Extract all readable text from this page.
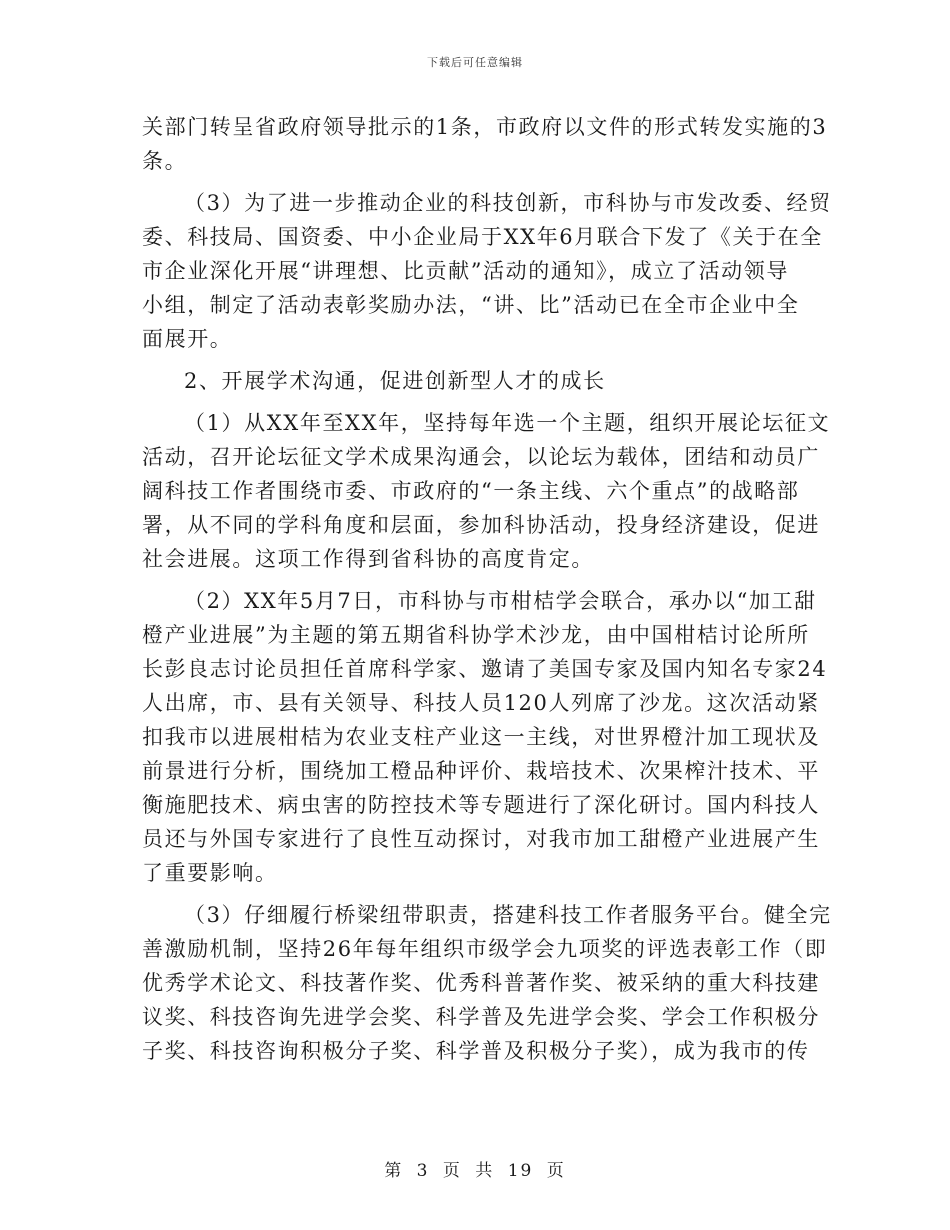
下载后可任意编辑
关部门转呈省政府领导批示的1条，市政府以文件的形式转发实施的3
条。
（3）为了进一步推动企业的科技创新，市科协与市发改委、经贸
委、科技局、国资委、中小企业局于XX年6月联合下发了《关于在全
市企业深化开展“讲理想、比贡献”活动的通知》，成立了活动领导
小组，制定了活动表彰奖励办法，“讲、比”活动已在全市企业中全
面展开。
2、开展学术沟通，促进创新型人才的成长
（1）从XX年至XX年，坚持每年选一个主题，组织开展论坛征文
活动，召开论坛征文学术成果沟通会，以论坛为载体，团结和动员广
阔科技工作者围绕市委、市政府的“一条主线、六个重点”的战略部
署，从不同的学科角度和层面，参加科协活动，投身经济建设，促进
社会进展。这项工作得到省科协的高度肯定。
（2）XX年5月7日，市科协与市柑桔学会联合，承办以“加工甜
橙产业进展”为主题的第五期省科协学术沙龙，由中国柑桔讨论所所
长彭良志讨论员担任首席科学家、邀请了美国专家及国内知名专家24
人出席，市、县有关领导、科技人员120人列席了沙龙。这次活动紧
扣我市以进展柑桔为农业支柱产业这一主线，对世界橙汁加工现状及
前景进行分析，围绕加工橙品种评价、栽培技术、次果榨汁技术、平
衡施肥技术、病虫害的防控技术等专题进行了深化研讨。国内科技人
员还与外国专家进行了良性互动探讨，对我市加工甜橙产业进展产生
了重要影响。
（3）仔细履行桥梁纽带职责，搭建科技工作者服务平台。健全完
善激励机制，坚持26年每年组织市级学会九项奖的评选表彰工作（即
优秀学术论文、科技著作奖、优秀科普著作奖、被采纳的重大科技建
议奖、科技咨询先进学会奖、科学普及先进学会奖、学会工作积极分
子奖、科技咨询积极分子奖、科学普及积极分子奖），成为我市的传
第 3 页 共 19 页
